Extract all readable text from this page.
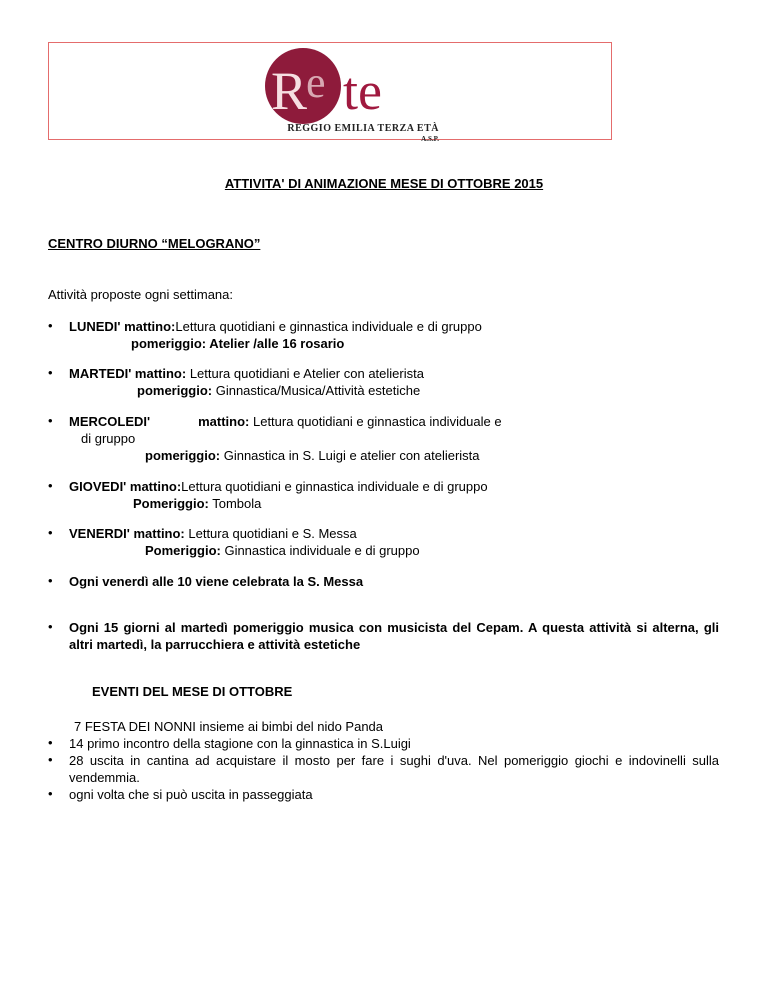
R
e te
REGGIO EMILIA TERZA ETÀ
A.S.P.
ATTIVITA' DI ANIMAZIONE MESE DI OTTOBRE 2015
CENTRO DIURNO “MELOGRANO”
Attività proposte ogni settimana:
• LUNEDI' mattino:Lettura quotidiani e ginnastica individuale e di gruppo
pomeriggio: Atelier /alle 16 rosario
• MARTEDI' mattino: Lettura quotidiani e Atelier con atelierista
pomeriggio: Ginnastica/Musica/Attività estetiche
• MERCOLEDI'	mattino: Lettura quotidiani e ginnastica individuale e
di gruppo
pomeriggio: Ginnastica in S. Luigi e atelier con atelierista
• GIOVEDI' mattino:Lettura quotidiani e ginnastica individuale e di gruppo
Pomeriggio: Tombola
• VENERDI' mattino: Lettura quotidiani e S. Messa
Pomeriggio: Ginnastica individuale e di gruppo
• Ogni venerdì alle 10 viene celebrata la S. Messa
• Ogni 15 giorni al martedì pomeriggio musica con musicista del Cepam. A questa attività si alterna, gli altri martedì, la parrucchiera e attività estetiche
EVENTI DEL MESE DI OTTOBRE
7 FESTA DEI NONNI insieme ai bimbi del nido Panda
• 14 primo incontro della stagione con la ginnastica in S.Luigi
• 28 uscita in cantina ad acquistare il mosto per fare i sughi d'uva. Nel pomeriggio giochi e indovinelli sulla vendemmia.
• ogni volta che si può uscita in passeggiata
